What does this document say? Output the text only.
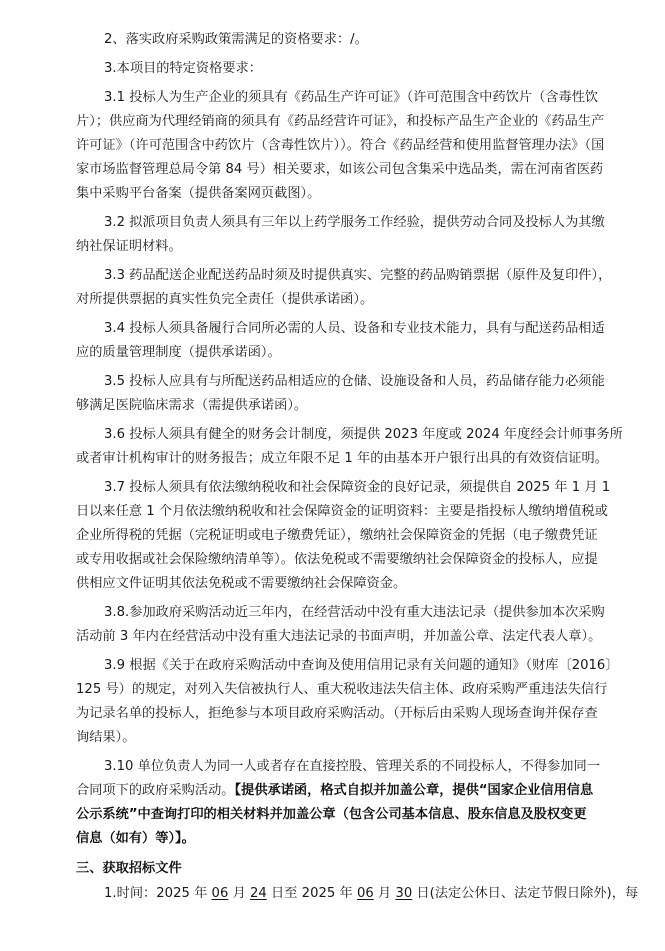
2、落实政府采购政策需满足的资格要求：/。
3.本项目的特定资格要求：
3.1 投标人为生产企业的须具有《药品生产许可证》（许可范围含中药饮片（含毒性饮
片）；供应商为代理经销商的须具有《药品经营许可证》，和投标产品生产企业的《药品生产
许可证》（许可范围含中药饮片（含毒性饮片））。符合《药品经营和使用监督管理办法》（国
家市场监督管理总局令第 84 号）相关要求，如该公司包含集采中选品类，需在河南省医药
集中采购平台备案（提供备案网页截图）。
3.2 拟派项目负责人须具有三年以上药学服务工作经验，提供劳动合同及投标人为其缴
纳社保证明材料。
3.3 药品配送企业配送药品时须及时提供真实、完整的药品购销票据（原件及复印件），
对所提供票据的真实性负完全责任（提供承诺函）。
3.4 投标人须具备履行合同所必需的人员、设备和专业技术能力，具有与配送药品相适
应的质量管理制度（提供承诺函）。
3.5 投标人应具有与所配送药品相适应的仓储、设施设备和人员，药品储存能力必须能
够满足医院临床需求（需提供承诺函）。
3.6 投标人须具有健全的财务会计制度，须提供 2023 年度或 2024 年度经会计师事务所
或者审计机构审计的财务报告；成立年限不足 1 年的由基本开户银行出具的有效资信证明。
3.7 投标人须具有依法缴纳税收和社会保障资金的良好记录，须提供自 2025 年 1 月 1
日以来任意 1 个月依法缴纳税收和社会保障资金的证明资料：主要是指投标人缴纳增值税或
企业所得税的凭据（完税证明或电子缴费凭证），缴纳社会保障资金的凭据（电子缴费凭证
或专用收据或社会保险缴纳清单等）。依法免税或不需要缴纳社会保障资金的投标人，应提
供相应文件证明其依法免税或不需要缴纳社会保障资金。
3.8.参加政府采购活动近三年内，在经营活动中没有重大违法记录（提供参加本次采购
活动前 3 年内在经营活动中没有重大违法记录的书面声明，并加盖公章、法定代表人章）。
3.9 根据《关于在政府采购活动中查询及使用信用记录有关问题的通知》（财库〔2016〕
125 号）的规定，对列入失信被执行人、重大税收违法失信主体、政府采购严重违法失信行
为记录名单的投标人，拒绝参与本项目政府采购活动。（开标后由采购人现场查询并保存查
询结果）。
3.10 单位负责人为同一人或者存在直接控股、管理关系的不同投标人，不得参加同一
合同项下的政府采购活动。【提供承诺函，格式自拟并加盖公章，提供“国家企业信用信息
公示系统”中查询打印的相关材料并加盖公章（包含公司基本信息、股东信息及股权变更
信息（如有）等）】。
三、获取招标文件
1.时间：2025 年 06 月 24 日至 2025 年 06 月 30 日(法定公休日、法定节假日除外)，每
